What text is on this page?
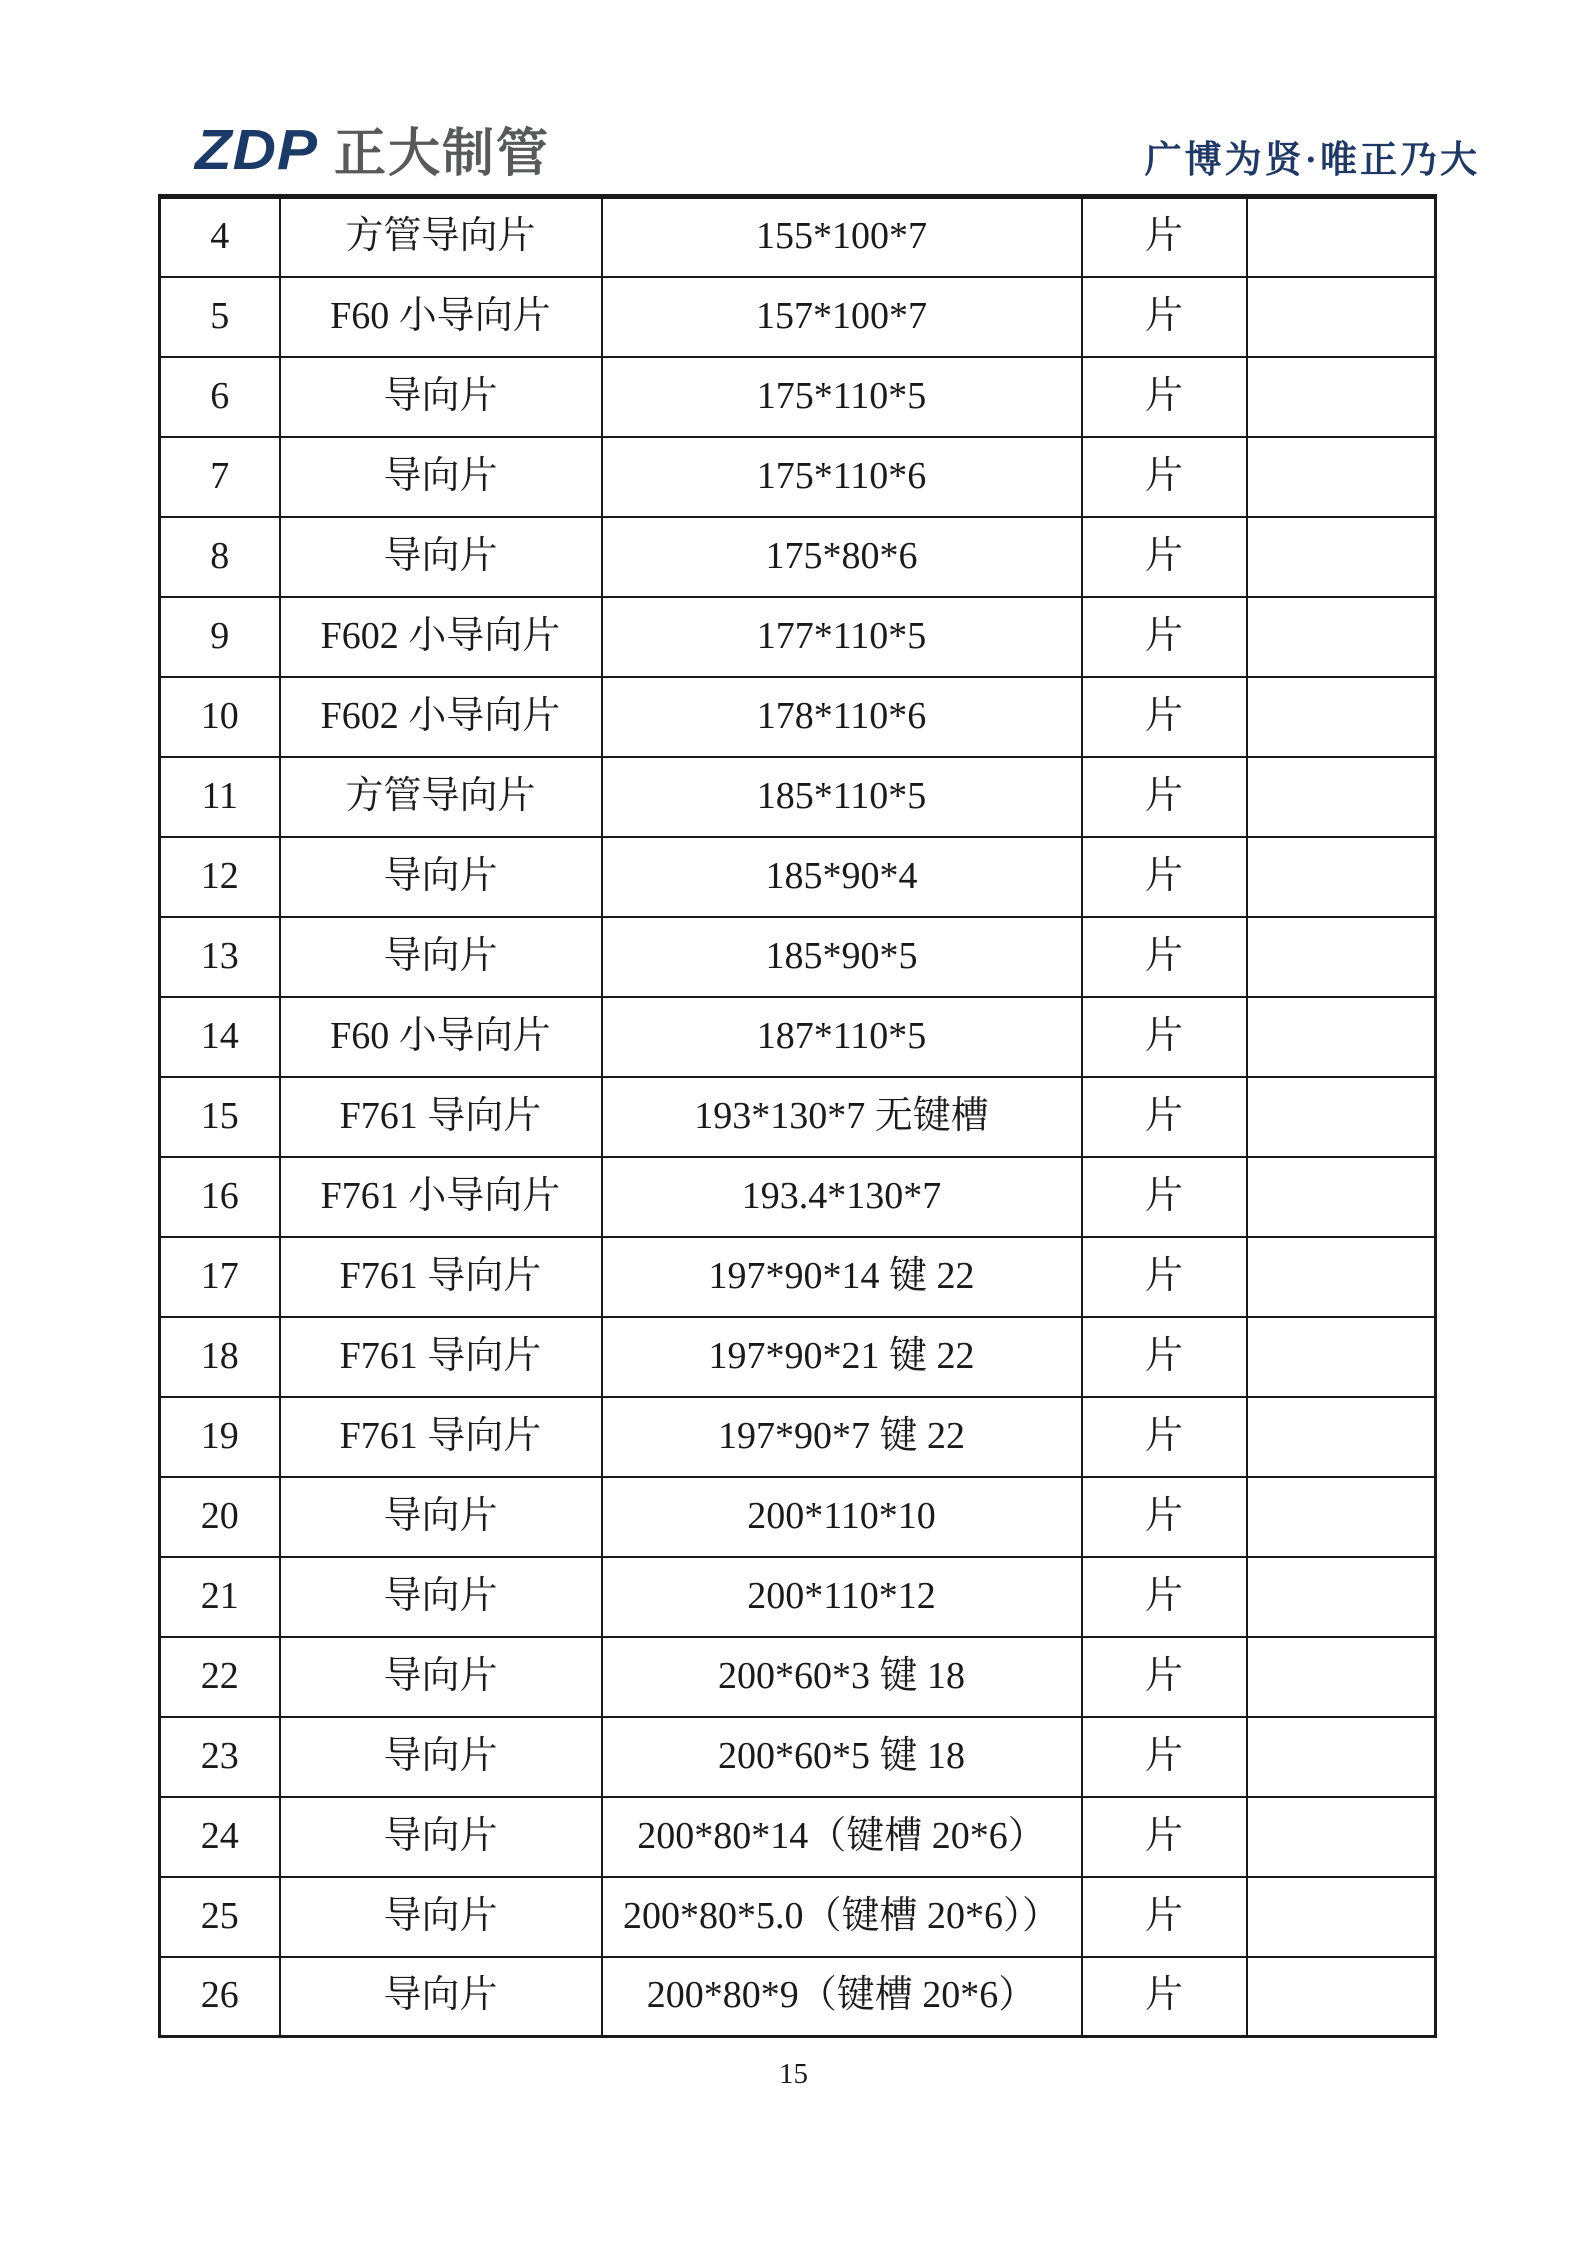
ZDP 正大制管	广博为贤·唯正乃大
4	方管导向片	155*100*7	片	
5	F60 小导向片	157*100*7	片	
6	导向片	175*110*5	片	
7	导向片	175*110*6	片	
8	导向片	175*80*6	片	
9	F602 小导向片	177*110*5	片	
10	F602 小导向片	178*110*6	片	
11	方管导向片	185*110*5	片	
12	导向片	185*90*4	片	
13	导向片	185*90*5	片	
14	F60 小导向片	187*110*5	片	
15	F761 导向片	193*130*7 无键槽	片	
16	F761 小导向片	193.4*130*7	片	
17	F761 导向片	197*90*14 键 22	片	
18	F761 导向片	197*90*21 键 22	片	
19	F761 导向片	197*90*7 键 22	片	
20	导向片	200*110*10	片	
21	导向片	200*110*12	片	
22	导向片	200*60*3 键 18	片	
23	导向片	200*60*5 键 18	片	
24	导向片	200*80*14（键槽 20*6）	片	
25	导向片	200*80*5.0（键槽 20*6））	片	
26	导向片	200*80*9（键槽 20*6）	片	
15
